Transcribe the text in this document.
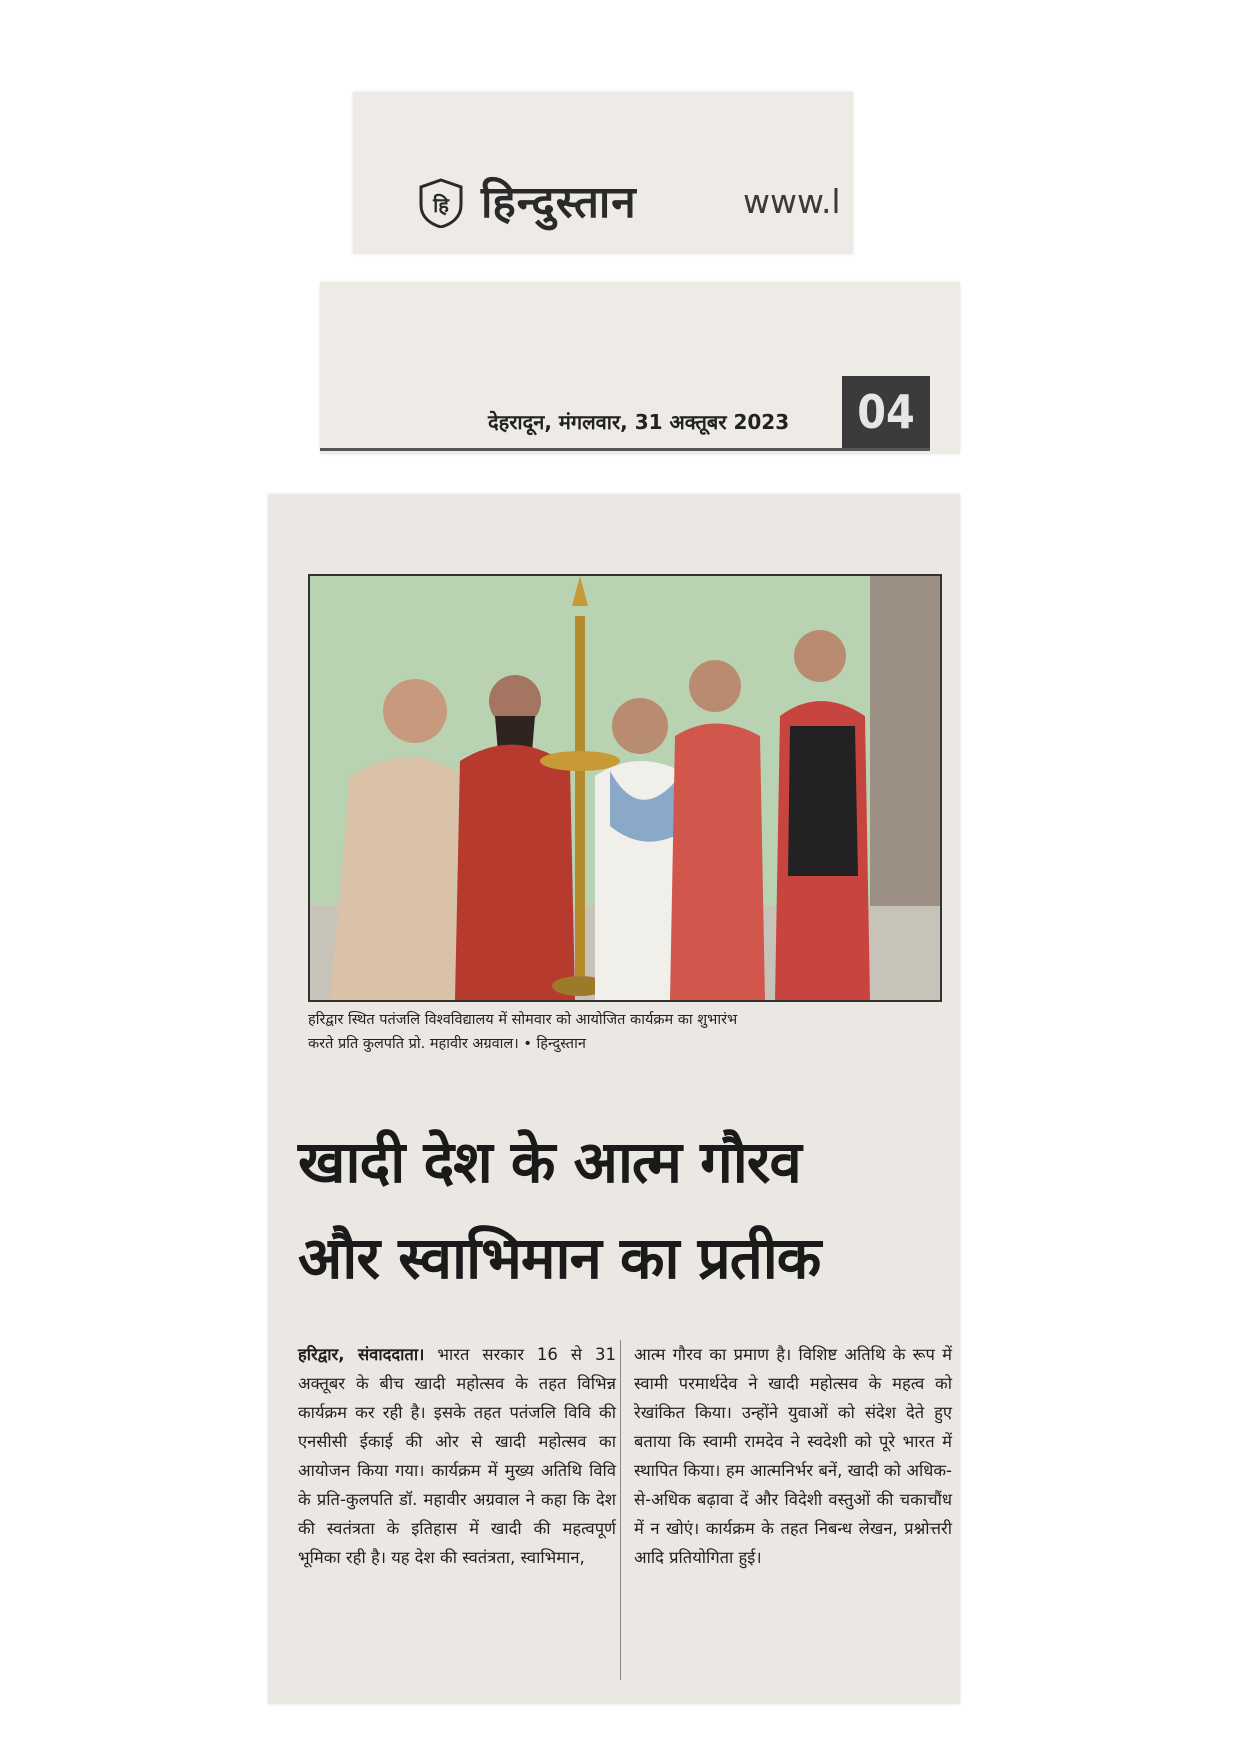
हि हिन्दुस्तान	www.l
देहरादून, मंगलवार, 31 अक्तूबर 2023	04
हरिद्वार स्थित पतंजलि विश्वविद्यालय में सोमवार को आयोजित कार्यक्रम का शुभारंभ
करते प्रति कुलपति प्रो. महावीर अग्रवाल। • हिन्दुस्तान
खादी देश के आत्म गौरव
और स्वाभिमान का प्रतीक
हरिद्वार, संवाददाता। भारत सरकार 16 से 31 अक्तूबर के बीच खादी महोत्सव के तहत विभिन्न कार्यक्रम कर रही है। इसके तहत पतंजलि विवि की एनसीसी ईकाई की ओर से खादी महोत्सव का आयोजन किया गया। कार्यक्रम में मुख्य अतिथि विवि के प्रति-कुलपति डॉ. महावीर अग्रवाल ने कहा कि देश की स्वतंत्रता के इतिहास में खादी की महत्वपूर्ण भूमिका रही है। यह देश की स्वतंत्रता, स्वाभिमान,
आत्म गौरव का प्रमाण है। विशिष्ट अतिथि के रूप में स्वामी परमार्थदेव ने खादी महोत्सव के महत्व को रेखांकित किया। उन्होंने युवाओं को संदेश देते हुए बताया कि स्वामी रामदेव ने स्वदेशी को पूरे भारत में स्थापित किया। हम आत्मनिर्भर बनें, खादी को अधिक-से-अधिक बढ़ावा दें और विदेशी वस्तुओं की चकाचौंध में न खोएं। कार्यक्रम के तहत निबन्ध लेखन, प्रश्नोत्तरी आदि प्रतियोगिता हुई।
